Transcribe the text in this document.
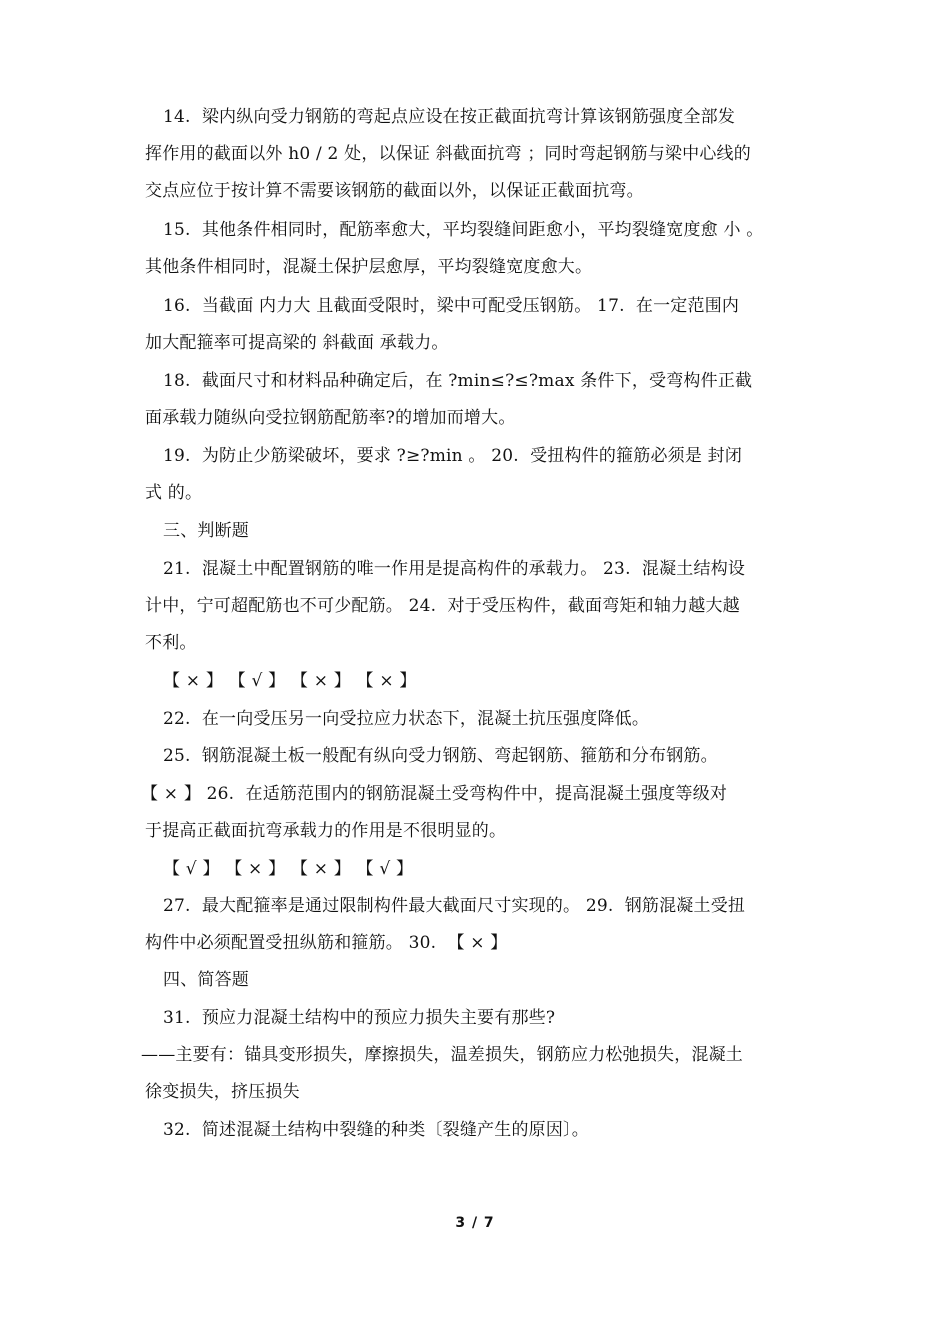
14.  梁内纵向受力钢筋的弯起点应设在按正截面抗弯计算该钢筋强度全部发
挥作用的截面以外 h0 / 2 处，以保证 斜截面抗弯 ；同时弯起钢筋与梁中心线的
交点应位于按计算不需要该钢筋的截面以外，以保证正截面抗弯。
15.  其他条件相同时，配筋率愈大，平均裂缝间距愈小，平均裂缝宽度愈 小 。
其他条件相同时，混凝土保护层愈厚，平均裂缝宽度愈大。
16.  当截面 内力大 且截面受限时，梁中可配受压钢筋。 17.  在一定范围内
加大配箍率可提高梁的 斜截面 承载力。
18.  截面尺寸和材料品种确定后，在 ?min≤?≤?max 条件下，受弯构件正截
面承载力随纵向受拉钢筋配筋率?的增加而增大。
19.  为防止少筋梁破坏，要求 ?≥?min 。 20.  受扭构件的箍筋必须是 封闭
式 的。
三、判断题
21.  混凝土中配置钢筋的唯一作用是提高构件的承载力。 23.  混凝土结构设
计中，宁可超配筋也不可少配筋。 24.  对于受压构件，截面弯矩和轴力越大越
不利。
【 × 】 【 √ 】 【 × 】 【 × 】
22.  在一向受压另一向受拉应力状态下，混凝土抗压强度降低。
25.  钢筋混凝土板一般配有纵向受力钢筋、弯起钢筋、箍筋和分布钢筋。
【 × 】 26.  在适筋范围内的钢筋混凝土受弯构件中，提高混凝土强度等级对
于提高正截面抗弯承载力的作用是不很明显的。
【 √ 】 【 × 】 【 × 】 【 √ 】
27.  最大配箍率是通过限制构件最大截面尺寸实现的。 29.  钢筋混凝土受扭
构件中必须配置受扭纵筋和箍筋。 30.  【 × 】
四、简答题
31.  预应力混凝土结构中的预应力损失主要有那些?
——主要有：锚具变形损失，摩擦损失，温差损失，钢筋应力松弛损失，混凝土
徐变损失，挤压损失
32.  简述混凝土结构中裂缝的种类〔裂缝产生的原因〕。
3 / 7
